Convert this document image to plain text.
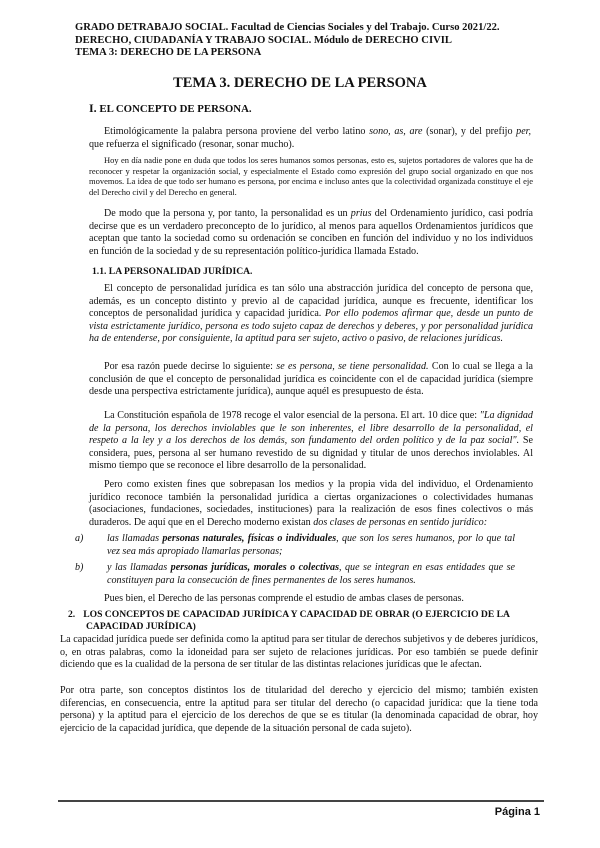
GRADO DETRABAJO SOCIAL. Facultad de Ciencias Sociales y del Trabajo. Curso 2021/22.
DERECHO, CIUDADANÍA Y TRABAJO SOCIAL. Módulo de DERECHO CIVIL
TEMA 3: DERECHO DE LA PERSONA
TEMA 3. DERECHO DE LA PERSONA
I. EL CONCEPTO DE PERSONA.

Etimológicamente la palabra persona proviene del verbo latino sono, as, are (sonar), y del prefijo per, que refuerza el significado (resonar, sonar mucho).

Hoy en día nadie pone en duda que todos los seres humanos somos personas, esto es, sujetos portadores de valores que ha de reconocer y respetar la organización social, y especialmente el Estado como expresión del grupo social organizado en que nos movemos. La idea de que todo ser humano es persona, por encima e incluso antes que la colectividad organizada constituye el eje del Derecho civil y del Derecho en general.

De modo que la persona y, por tanto, la personalidad es un prius del Ordenamiento jurídico, casi podría decirse que es un verdadero preconcepto de lo jurídico, al menos para aquellos Ordenamientos jurídicos que aceptan que tanto la sociedad como su ordenación se conciben en función del individuo y no los individuos en función de la sociedad y de su representación político-jurídica llamada Estado.

1.1. LA PERSONALIDAD JURÍDICA.

El concepto de personalidad jurídica es tan sólo una abstracción jurídica del concepto de persona que, además, es un concepto distinto y previo al de capacidad jurídica, aunque es frecuente, identificar los conceptos de personalidad jurídica y capacidad jurídica. Por ello podemos afirmar que, desde un punto de vista estrictamente jurídico, persona es todo sujeto capaz de derechos y deberes, y por personalidad jurídica ha de entenderse, por consiguiente, la aptitud para ser sujeto, activo o pasivo, de relaciones jurídicas.

Por esa razón puede decirse lo siguiente: se es persona, se tiene personalidad. Con lo cual se llega a la conclusión de que el concepto de personalidad jurídica es coincidente con el de capacidad jurídica (siempre desde una perspectiva estrictamente jurídica), aunque aquél es presupuesto de ésta.

La Constitución española de 1978 recoge el valor esencial de la persona. El art. 10 dice que: "La dignidad de la persona, los derechos inviolables que le son inherentes, el libre desarrollo de la personalidad, el respeto a la ley y a los derechos de los demás, son fundamento del orden político y de la paz social". Se considera, pues, persona al ser humano revestido de su dignidad y titular de unos derechos inviolables. Al mismo tiempo que se reconoce el libre desarrollo de la personalidad.

Pero como existen fines que sobrepasan los medios y la propia vida del individuo, el Ordenamiento jurídico reconoce también la personalidad jurídica a ciertas organizaciones o colectividades humanas (asociaciones, fundaciones, sociedades, instituciones) para la realización de esos fines colectivos o más duraderos. De aquí que en el Derecho moderno existan dos clases de personas en sentido jurídico:

a) las llamadas personas naturales, físicas o individuales, que son los seres humanos, por lo que tal vez sea más apropiado llamarlas personas;
b) y las llamadas personas jurídicas, morales o colectivas, que se integran en esas entidades que se constituyen para la consecución de fines permanentes de los seres humanos.

Pues bien, el Derecho de las personas comprende el estudio de ambas clases de personas.

2. LOS CONCEPTOS DE CAPACIDAD JURÍDICA Y CAPACIDAD DE OBRAR (O EJERCICIO DE LA
CAPACIDAD JURÍDICA)

La capacidad jurídica puede ser definida como la aptitud para ser titular de derechos subjetivos y de deberes jurídicos, o, en otras palabras, como la idoneidad para ser sujeto de relaciones jurídicas. Por eso también se puede definir diciendo que es la cualidad de la persona de ser titular de las distintas relaciones jurídicas que le afectan.

Por otra parte, son conceptos distintos los de titularidad del derecho y ejercicio del mismo; también existen diferencias, en consecuencia, entre la aptitud para ser titular del derecho (o capacidad jurídica: que la tiene toda persona) y la aptitud para el ejercicio de los derechos de que se es titular (la denominada capacidad de obrar, hoy ejercicio de la capacidad jurídica, que depende de la situación personal de cada sujeto).

Página 1
